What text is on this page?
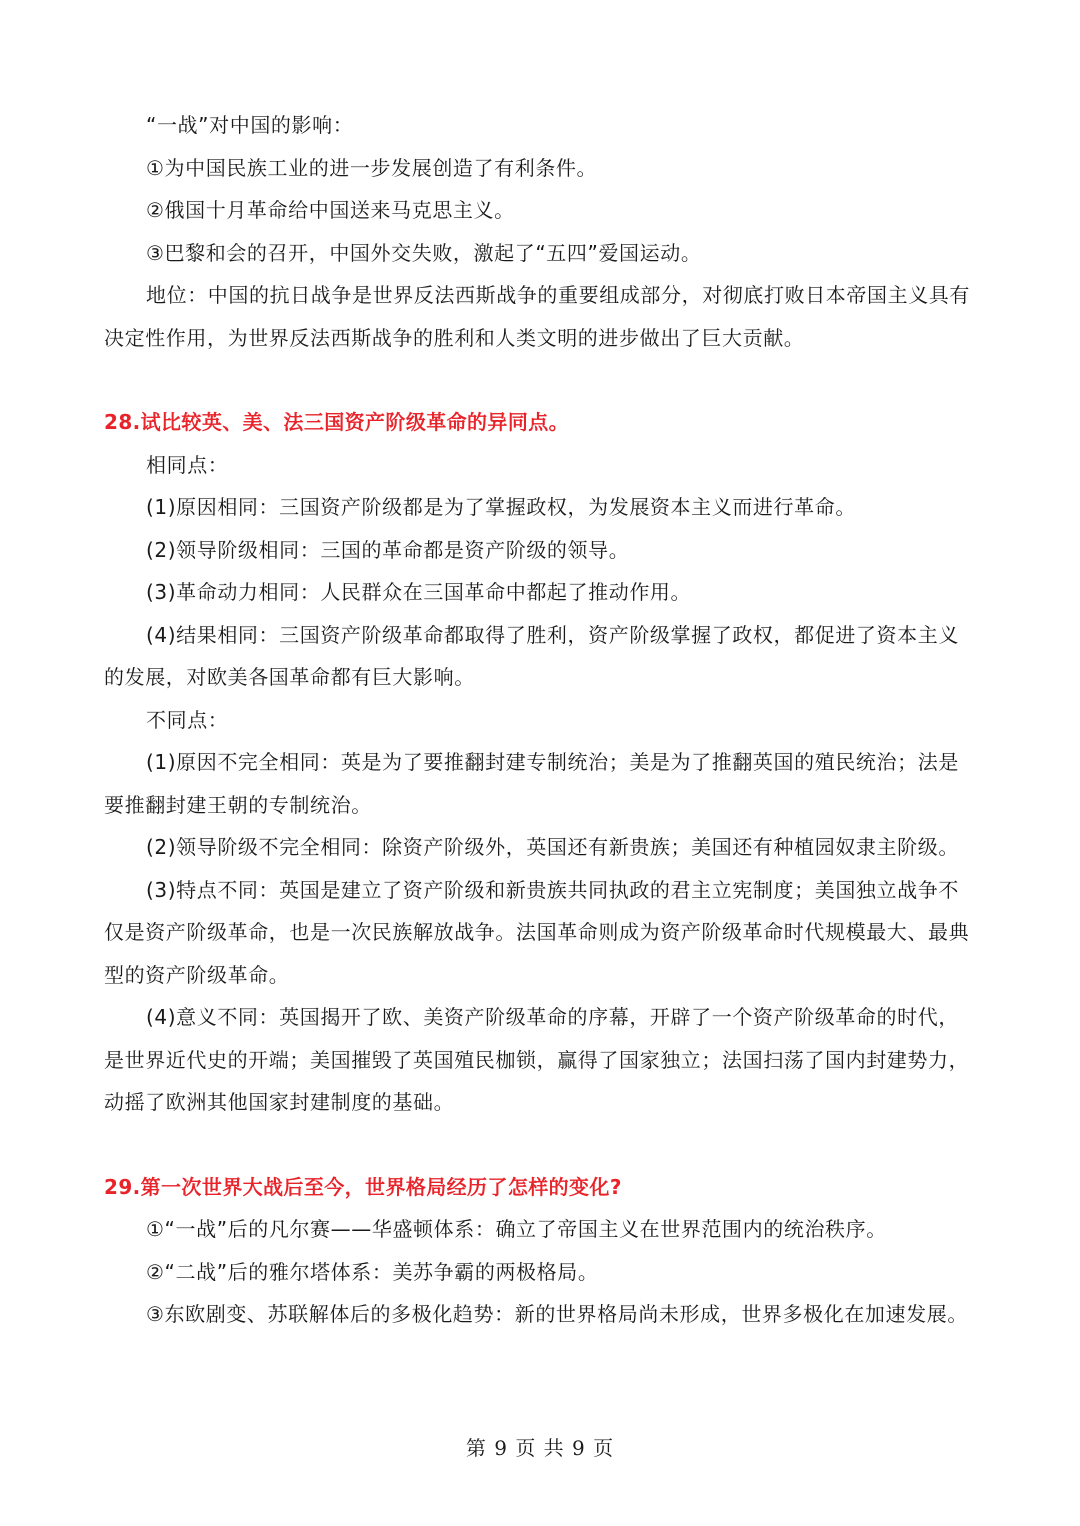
“一战”对中国的影响：

①为中国民族工业的进一步发展创造了有利条件。

②俄国十月革命给中国送来马克思主义。

③巴黎和会的召开，中国外交失败，激起了“五四”爱国运动。

地位：中国的抗日战争是世界反法西斯战争的重要组成部分，对彻底打败日本帝国主义具有决定性作用，为世界反法西斯战争的胜利和人类文明的进步做出了巨大贡献。

28.试比较英、美、法三国资产阶级革命的异同点。

相同点：

(1)原因相同：三国资产阶级都是为了掌握政权，为发展资本主义而进行革命。

(2)领导阶级相同：三国的革命都是资产阶级的领导。

(3)革命动力相同：人民群众在三国革命中都起了推动作用。

(4)结果相同：三国资产阶级革命都取得了胜利，资产阶级掌握了政权，都促进了资本主义的发展，对欧美各国革命都有巨大影响。

不同点：

(1)原因不完全相同：英是为了要推翻封建专制统治；美是为了推翻英国的殖民统治；法是要推翻封建王朝的专制统治。

(2)领导阶级不完全相同：除资产阶级外，英国还有新贵族；美国还有种植园奴隶主阶级。

(3)特点不同：英国是建立了资产阶级和新贵族共同执政的君主立宪制度；美国独立战争不仅是资产阶级革命，也是一次民族解放战争。法国革命则成为资产阶级革命时代规模最大、最典型的资产阶级革命。

(4)意义不同：英国揭开了欧、美资产阶级革命的序幕，开辟了一个资产阶级革命的时代，是世界近代史的开端；美国摧毁了英国殖民枷锁，赢得了国家独立；法国扫荡了国内封建势力，动摇了欧洲其他国家封建制度的基础。

29.第一次世界大战后至今，世界格局经历了怎样的变化?

①“一战”后的凡尔赛——华盛顿体系：确立了帝国主义在世界范围内的统治秩序。

②“二战”后的雅尔塔体系：美苏争霸的两极格局。

③东欧剧变、苏联解体后的多极化趋势：新的世界格局尚未形成，世界多极化在加速发展。

第 9 页 共 9 页
